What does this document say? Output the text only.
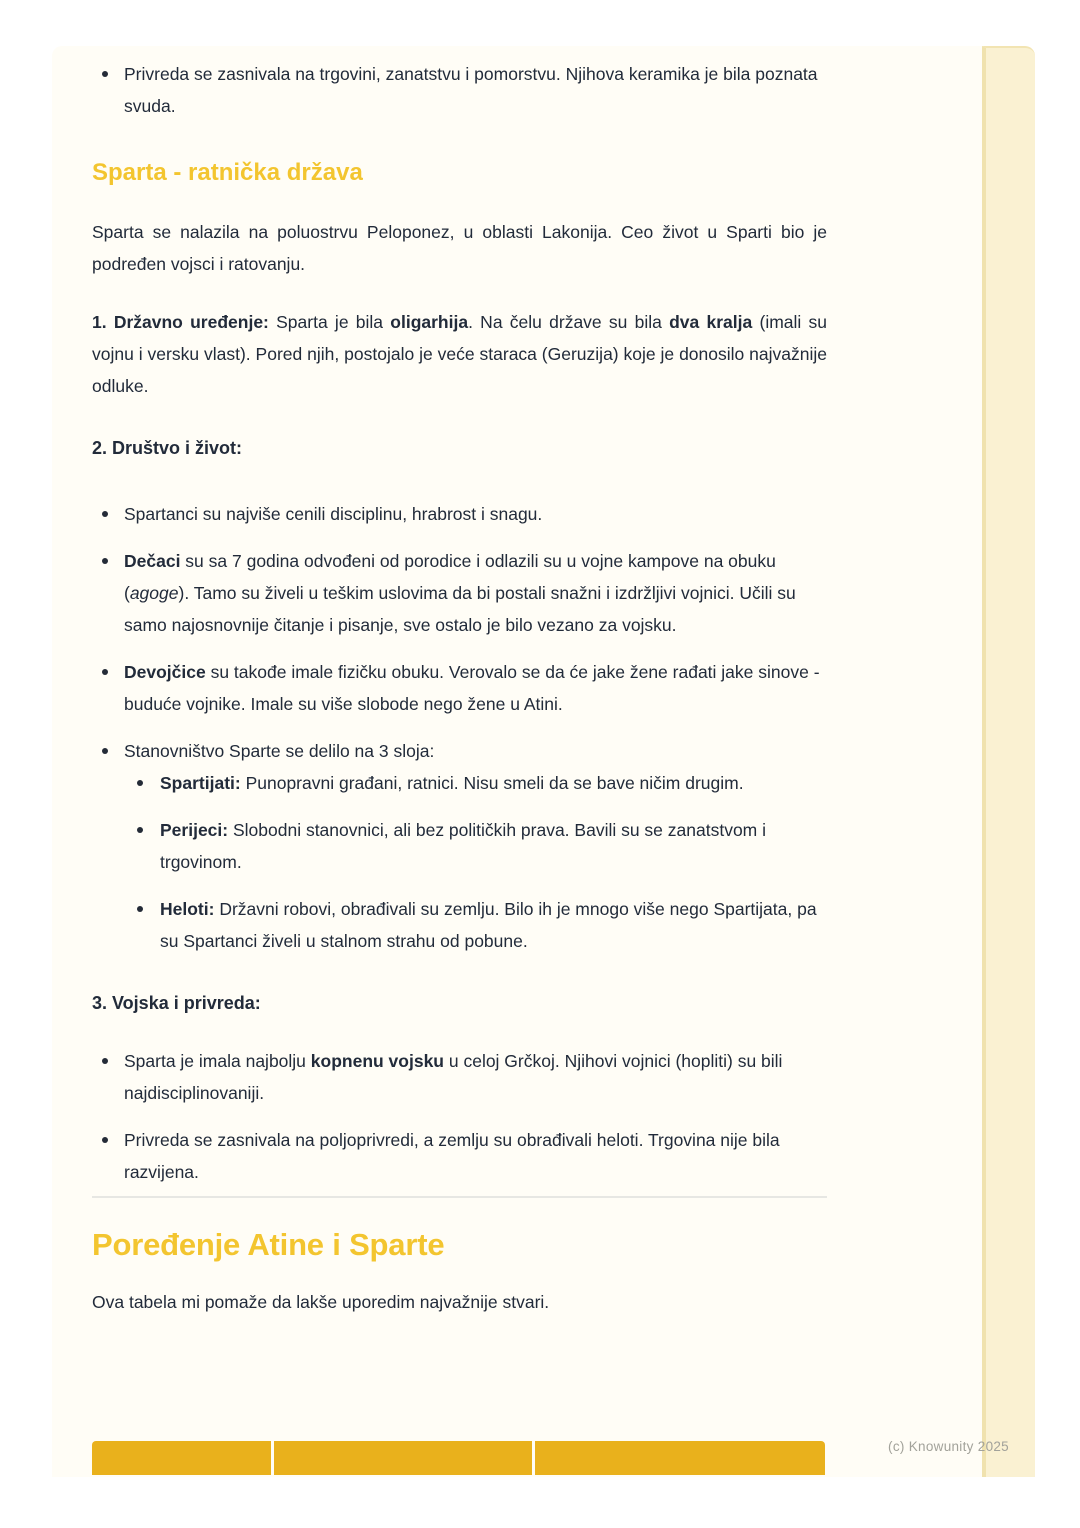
Privreda se zasnivala na trgovini, zanatstvu i pomorstvu. Njihova keramika je bila poznata svuda.
Sparta - ratnička država

Sparta se nalazila na poluostrvu Peloponez, u oblasti Lakonija. Ceo život u Sparti bio je podređen vojsci i ratovanju.

1. Državno uređenje: Sparta je bila oligarhija. Na čelu države su bila dva kralja (imali su vojnu i versku vlast). Pored njih, postojalo je veće staraca (Geruzija) koje je donosilo najvažnije odluke.

2. Društvo i život:

Spartanci su najviše cenili disciplinu, hrabrost i snagu.
Dečaci su sa 7 godina odvođeni od porodice i odlazili su u vojne kampove na obuku (agoge). Tamo su živeli u teškim uslovima da bi postali snažni i izdržljivi vojnici. Učili su samo najosnovnije čitanje i pisanje, sve ostalo je bilo vezano za vojsku.
Devojčice su takođe imale fizičku obuku. Verovalo se da će jake žene rađati jake sinove - buduće vojnike. Imale su više slobode nego žene u Atini.
Stanovništvo Sparte se delilo na 3 sloja:
Spartijati: Punopravni građani, ratnici. Nisu smeli da se bave ničim drugim.
Perijeci: Slobodni stanovnici, ali bez političkih prava. Bavili su se zanatstvom i trgovinom.
Heloti: Državni robovi, obrađivali su zemlju. Bilo ih je mnogo više nego Spartijata, pa su Spartanci živeli u stalnom strahu od pobune.

3. Vojska i privreda:

Sparta je imala najbolju kopnenu vojsku u celoj Grčkoj. Njihovi vojnici (hopliti) su bili najdisciplinovaniji.
Privreda se zasnivala na poljoprivredi, a zemlju su obrađivali heloti. Trgovina nije bila razvijena.
Poređenje Atine i Sparte

Ova tabela mi pomaže da lakše uporedim najvažnije stvari.

(c) Knowunity 2025
